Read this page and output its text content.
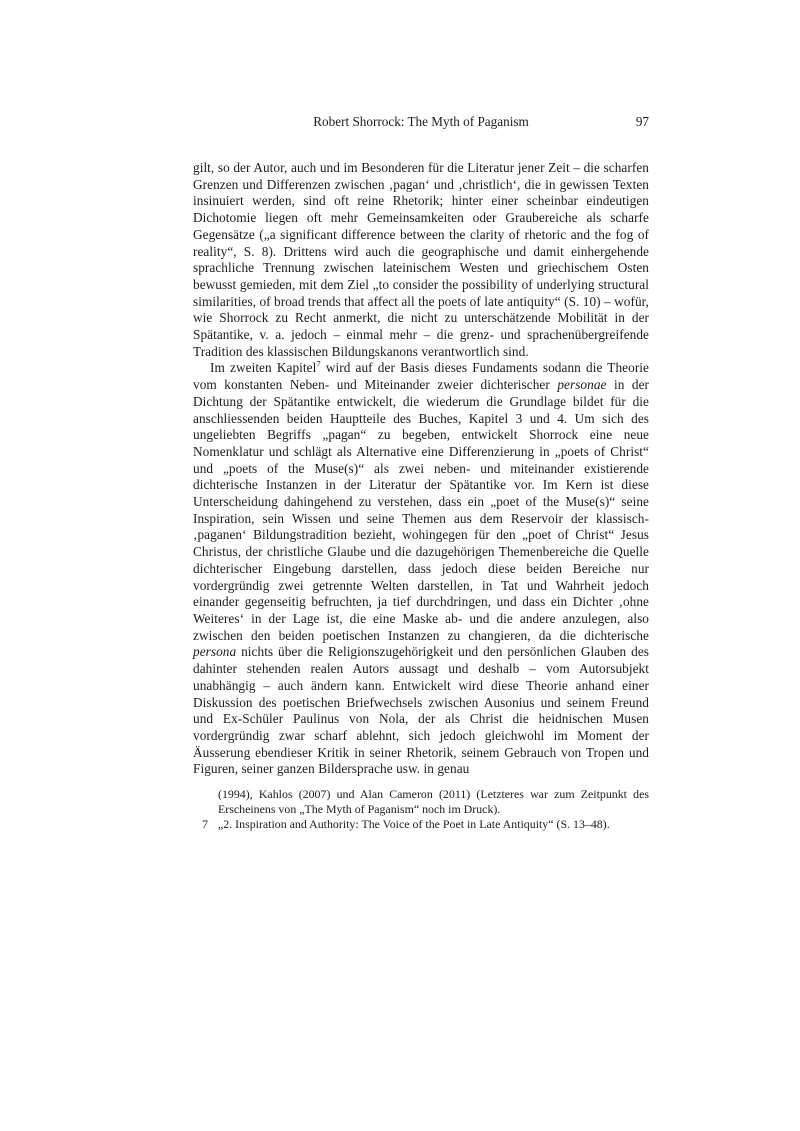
Robert Shorrock: The Myth of Paganism	97

gilt, so der Autor, auch und im Besonderen für die Literatur jener Zeit – die scharfen Grenzen und Differenzen zwischen ‚pagan‘ und ‚christlich‘, die in gewissen Texten insinuiert werden, sind oft reine Rhetorik; hinter einer scheinbar eindeutigen Dichotomie liegen oft mehr Gemeinsamkeiten oder Graubereiche als scharfe Gegensätze („a significant difference between the clarity of rhetoric and the fog of reality“, S. 8). Drittens wird auch die geographische und damit einhergehende sprachliche Trennung zwischen lateinischem Westen und griechischem Osten bewusst gemieden, mit dem Ziel „to consider the possibility of underlying structural similarities, of broad trends that affect all the poets of late antiquity“ (S. 10) – wofür, wie Shorrock zu Recht anmerkt, die nicht zu unterschätzende Mobilität in der Spätantike, v. a. jedoch – einmal mehr – die grenz- und sprachenübergreifende Tradition des klassischen Bildungskanons verantwortlich sind.

Im zweiten Kapitel$^7$ wird auf der Basis dieses Fundaments sodann die Theorie vom konstanten Neben- und Miteinander zweier dichterischer personae in der Dichtung der Spätantike entwickelt, die wiederum die Grundlage bildet für die anschliessenden beiden Hauptteile des Buches, Kapitel 3 und 4. Um sich des ungeliebten Begriffs „pagan“ zu begeben, entwickelt Shorrock eine neue Nomenklatur und schlägt als Alternative eine Differenzierung in „poets of Christ“ und „poets of the Muse(s)“ als zwei neben- und miteinander existierende dichterische Instanzen in der Literatur der Spätantike vor. Im Kern ist diese Unterscheidung dahingehend zu verstehen, dass ein „poet of the Muse(s)“ seine Inspiration, sein Wissen und seine Themen aus dem Reservoir der klassisch-‚paganen‘ Bildungstradition bezieht, wohingegen für den „poet of Christ“ Jesus Christus, der christliche Glaube und die dazugehörigen Themenbereiche die Quelle dichterischer Eingebung darstellen, dass jedoch diese beiden Bereiche nur vordergründig zwei getrennte Welten darstellen, in Tat und Wahrheit jedoch einander gegenseitig befruchten, ja tief durchdringen, und dass ein Dichter ‚ohne Weiteres‘ in der Lage ist, die eine Maske ab- und die andere anzulegen, also zwischen den beiden poetischen Instanzen zu changieren, da die dichterische persona nichts über die Religionszugehörigkeit und den persönlichen Glauben des dahinter stehenden realen Autors aussagt und deshalb – vom Autorsubjekt unabhängig – auch ändern kann. Entwickelt wird diese Theorie anhand einer Diskussion des poetischen Briefwechsels zwischen Ausonius und seinem Freund und Ex-Schüler Paulinus von Nola, der als Christ die heidnischen Musen vordergründig zwar scharf ablehnt, sich jedoch gleichwohl im Moment der Äusserung ebendieser Kritik in seiner Rhetorik, seinem Gebrauch von Tropen und Figuren, seiner ganzen Bildersprache usw. in genau

(1994), Kahlos (2007) und Alan Cameron (2011) (Letzteres war zum Zeitpunkt des Erscheinens von „The Myth of Paganism“ noch im Druck).
7 „2. Inspiration and Authority: The Voice of the Poet in Late Antiquity“ (S. 13–48).
